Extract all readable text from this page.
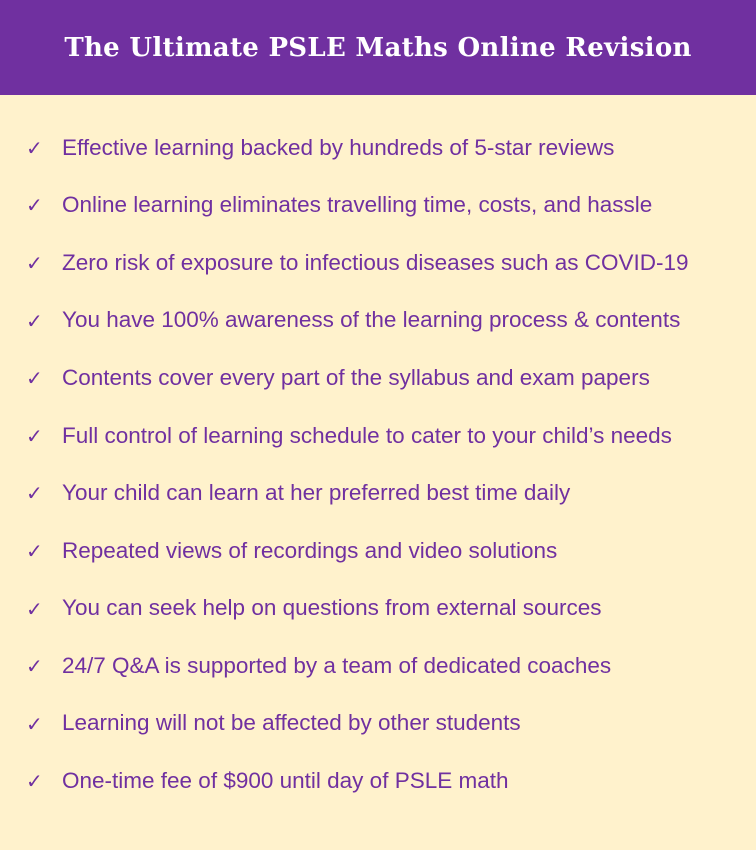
The Ultimate PSLE Maths Online Revision
✓ Effective learning backed by hundreds of 5-star reviews
✓ Online learning eliminates travelling time, costs, and hassle
✓ Zero risk of exposure to infectious diseases such as COVID-19
✓ You have 100% awareness of the learning process & contents
✓ Contents cover every part of the syllabus and exam papers
✓ Full control of learning schedule to cater to your child’s needs
✓ Your child can learn at her preferred best time daily
✓ Repeated views of recordings and video solutions
✓ You can seek help on questions from external sources
✓ 24/7 Q&A is supported by a team of dedicated coaches
✓ Learning will not be affected by other students
✓ One-time fee of $900 until day of PSLE math
